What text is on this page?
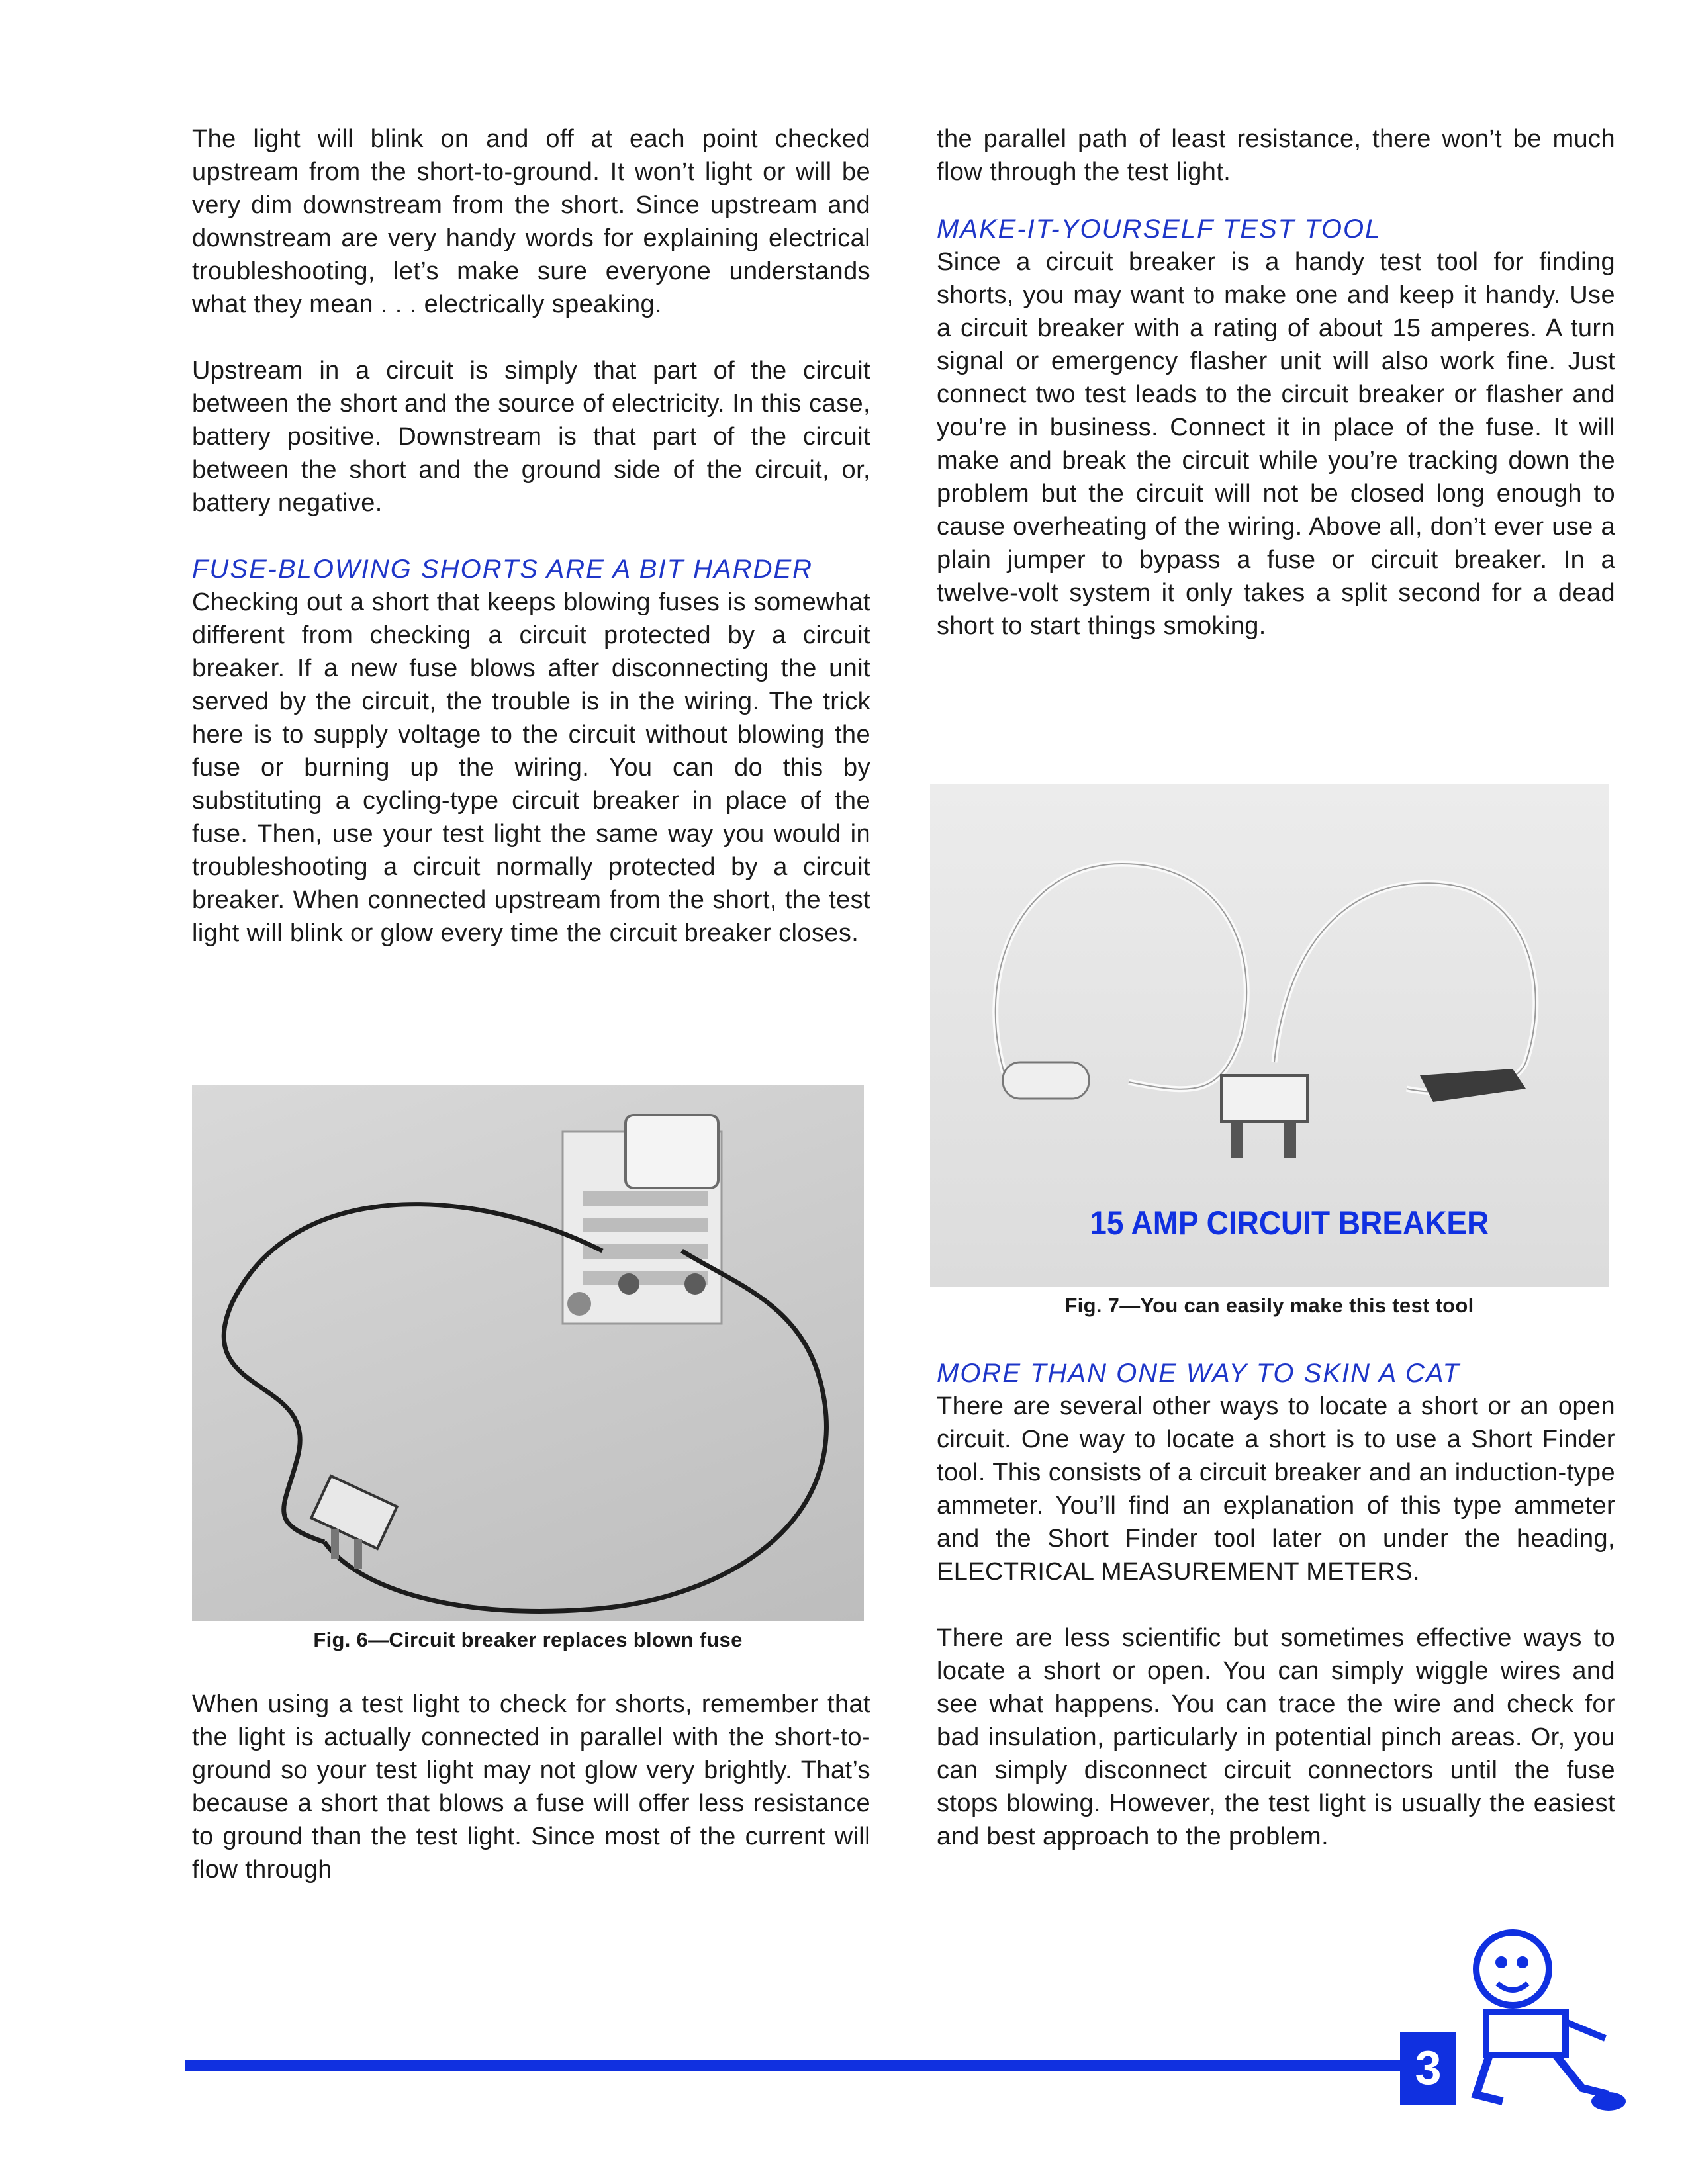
The light will blink on and off at each point checked upstream from the short-to-ground. It won’t light or will be very dim downstream from the short. Since upstream and downstream are very handy words for explaining electrical troubleshooting, let’s make sure everyone understands what they mean . . . electrically speaking.

Upstream in a circuit is simply that part of the circuit between the short and the source of electricity. In this case, battery positive. Downstream is that part of the circuit between the short and the ground side of the circuit, or, battery negative.

FUSE-BLOWING SHORTS ARE A BIT HARDER

Checking out a short that keeps blowing fuses is somewhat different from checking a circuit protected by a circuit breaker. If a new fuse blows after disconnecting the unit served by the circuit, the trouble is in the wiring. The trick here is to supply voltage to the circuit without blowing the fuse or burning up the wiring. You can do this by substituting a cycling-type circuit breaker in place of the fuse. Then, use your test light the same way you would in troubleshooting a circuit normally protected by a circuit breaker. When connected upstream from the short, the test light will blink or glow every time the circuit breaker closes.

Fig. 6—Circuit breaker replaces blown fuse

When using a test light to check for shorts, remember that the light is actually connected in parallel with the short-to-ground so your test light may not glow very brightly. That’s because a short that blows a fuse will offer less resistance to ground than the test light. Since most of the current will flow through

the parallel path of least resistance, there won’t be much flow through the test light.

MAKE-IT-YOURSELF TEST TOOL

Since a circuit breaker is a handy test tool for finding shorts, you may want to make one and keep it handy. Use a circuit breaker with a rating of about 15 amperes. A turn signal or emergency flasher unit will also work fine. Just connect two test leads to the circuit breaker or flasher and you’re in business. Connect it in place of the fuse. It will make and break the circuit while you’re tracking down the problem but the circuit will not be closed long enough to cause overheating of the wiring. Above all, don’t ever use a plain jumper to bypass a fuse or circuit breaker. In a twelve-volt system it only takes a split second for a dead short to start things smoking.

15 AMP CIRCUIT BREAKER
Fig. 7—You can easily make this test tool
MORE THAN ONE WAY TO SKIN A CAT

There are several other ways to locate a short or an open circuit. One way to locate a short is to use a Short Finder tool. This consists of a circuit breaker and an induction-type ammeter. You’ll find an explanation of this type ammeter and the Short Finder tool later on under the heading, ELECTRICAL MEASUREMENT METERS.

There are less scientific but sometimes effective ways to locate a short or open. You can simply wiggle wires and see what happens. You can trace the wire and check for bad insulation, particularly in potential pinch areas. Or, you can simply disconnect circuit connectors until the fuse stops blowing. However, the test light is usually the easiest and best approach to the problem.

3
